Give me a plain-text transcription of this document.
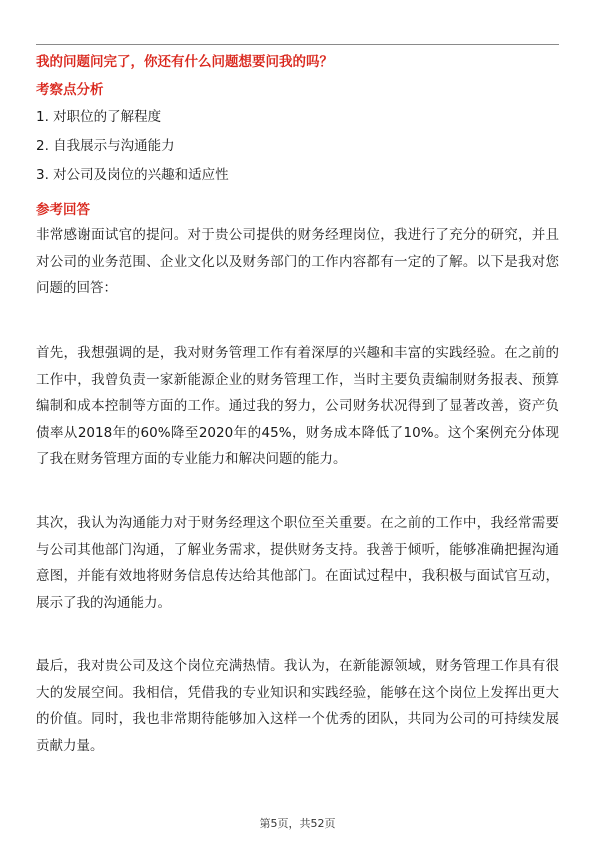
我的问题问完了，你还有什么问题想要问我的吗？
考察点分析
1. 对职位的了解程度
2. 自我展示与沟通能力
3. 对公司及岗位的兴趣和适应性
参考回答

非常感谢面试官的提问。对于贵公司提供的财务经理岗位，我进行了充分的研究，并且对公司的业务范围、企业文化以及财务部门的工作内容都有一定的了解。以下是我对您问题的回答：

首先，我想强调的是，我对财务管理工作有着深厚的兴趣和丰富的实践经验。在之前的工作中，我曾负责一家新能源企业的财务管理工作，当时主要负责编制财务报表、预算编制和成本控制等方面的工作。通过我的努力，公司财务状况得到了显著改善，资产负债率从2018年的60%降至2020年的45%，财务成本降低了10%。这个案例充分体现了我在财务管理方面的专业能力和解决问题的能力。

其次，我认为沟通能力对于财务经理这个职位至关重要。在之前的工作中，我经常需要与公司其他部门沟通，了解业务需求，提供财务支持。我善于倾听，能够准确把握沟通意图，并能有效地将财务信息传达给其他部门。在面试过程中，我积极与面试官互动，展示了我的沟通能力。

最后，我对贵公司及这个岗位充满热情。我认为，在新能源领域，财务管理工作具有很大的发展空间。我相信，凭借我的专业知识和实践经验，能够在这个岗位上发挥出更大的价值。同时，我也非常期待能够加入这样一个优秀的团队，共同为公司的可持续发展贡献力量。

第5页，共52页
